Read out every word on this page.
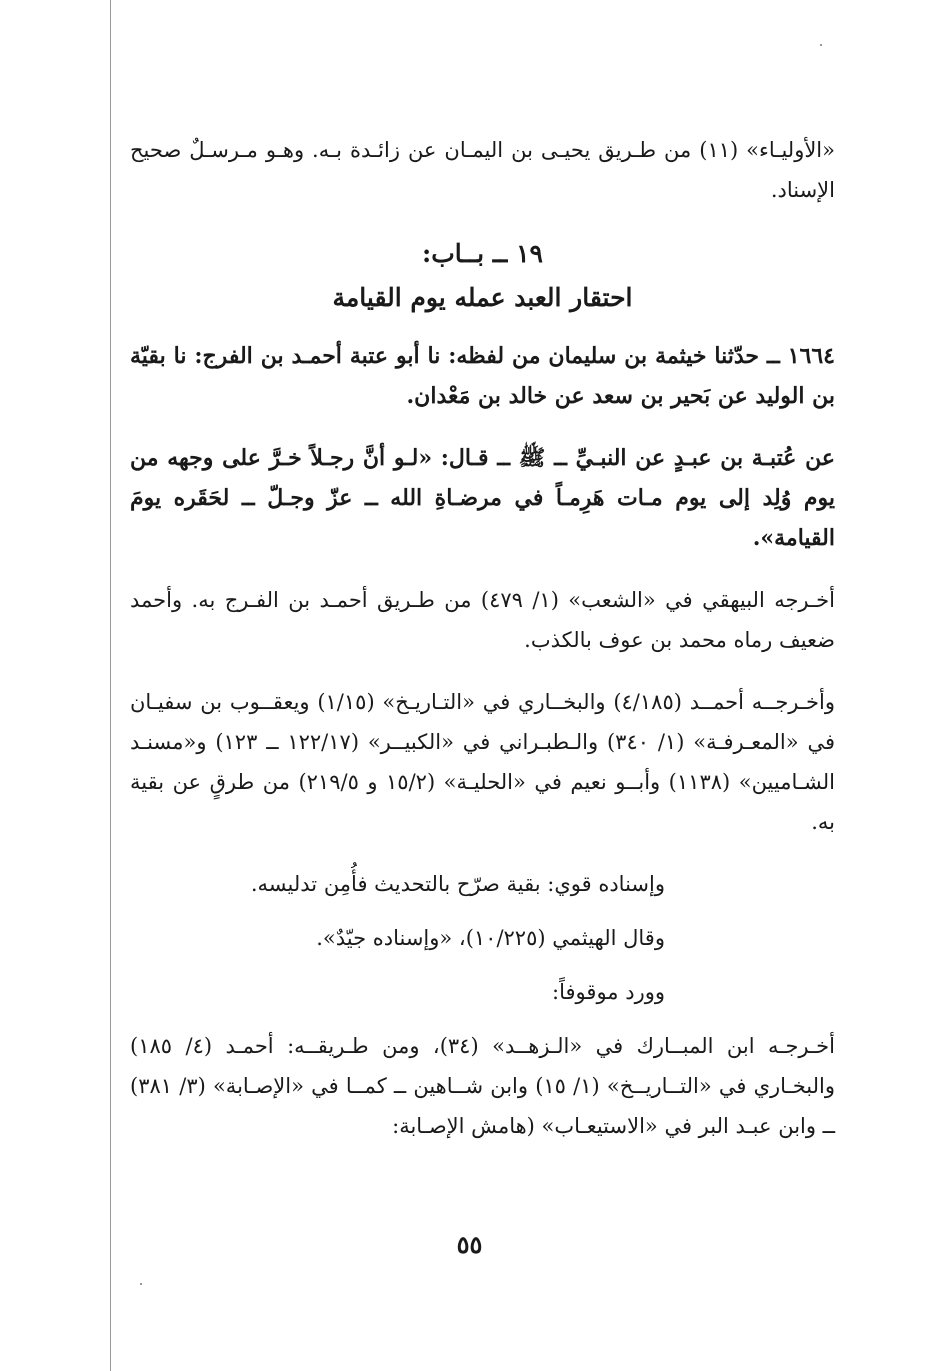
«الأوليـاء» (١١) من طـريق يحيـى بن اليمـان عن زائـدة بـه. وهـو مـرسـلٌ صحيح الإسناد.

١٩ ــ بــاب:
احتقار العبد عمله يوم القيامة

١٦٦٤ ــ حدّثنا خيثمة بن سليمان من لفظه: نا أبو عتبة أحمـد بن الفرج: نا بقيّة بن الوليد عن بَحير بن سعد عن خالد بن مَعْدان.

عن عُتبـة بن عبـدٍ عن النبـيِّ ــ ﷺ ــ قـال: «لـو أنَّ رجـلاً خـرَّ على وجهه من يوم وُلِد إلى يوم مـات هَرِمـاً في مرضـاةِ الله ــ عزّ وجـلّ ــ لحَقَره يومَ القيامة».

أخـرجه البيهقي في «الشعب» (١/ ٤٧٩) من طـريق أحمـد بن الفـرج به. وأحمد ضعيف رماه محمد بن عوف بالكذب.

وأخـرجــه أحمــد (٤/١٨٥) والبخــاري في «التـاريـخ» (١/١٥) ويعقــوب بن سفيـان في «المعـرفـة» (١/ ٣٤٠) والـطبـراني في «الكبيــر» (١٢٢/١٧ ــ ١٢٣) و«مسنـد الشـاميين» (١١٣٨) وأبــو نعيم في «الحليـة» (١٥/٢ و ٢١٩/٥) من طرقٍ عن بقية به.

وإسناده قوي: بقية صرّح بالتحديث فأُمِن تدليسه.

وقال الهيثمي (١٠/٢٢٥)، «وإسناده جيّدٌ».

وورد موقوفاً:

أخـرجـه ابن المبــارك في «الـزهــد» (٣٤)، ومن طـريقــه: أحمـد (٤/ ١٨٥) والبخـاري في «التــاريــخ» (١/ ١٥) وابن شــاهين ــ كمــا في «الإصـابة» (٣/ ٣٨١) ــ وابن عبـد البر في «الاستيعـاب» (هامش الإصـابة:

٥٥
